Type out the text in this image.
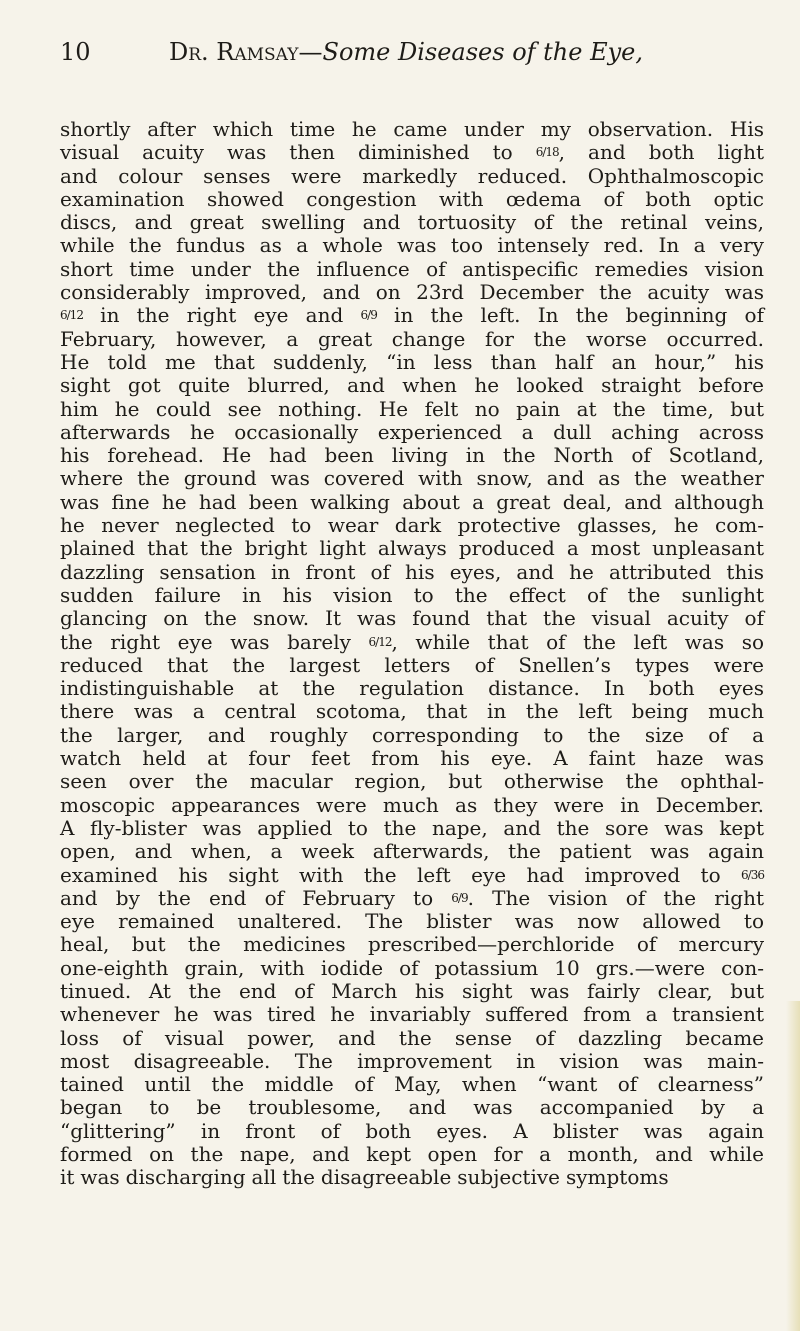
10	Dr. Ramsay—Some Diseases of the Eye,
shortly after which time he came under my observation. His
visual acuity was then diminished to 6/18, and both light
and colour senses were markedly reduced. Ophthalmoscopic
examination showed congestion with œdema of both optic
discs, and great swelling and tortuosity of the retinal veins,
while the fundus as a whole was too intensely red. In a very
short time under the influence of antispecific remedies vision
considerably improved, and on 23rd December the acuity was
6/12 in the right eye and 6/9 in the left. In the beginning of
February, however, a great change for the worse occurred.
He told me that suddenly, “in less than half an hour,” his
sight got quite blurred, and when he looked straight before
him he could see nothing. He felt no pain at the time, but
afterwards he occasionally experienced a dull aching across
his forehead. He had been living in the North of Scotland,
where the ground was covered with snow, and as the weather
was fine he had been walking about a great deal, and although
he never neglected to wear dark protective glasses, he com-
plained that the bright light always produced a most unpleasant
dazzling sensation in front of his eyes, and he attributed this
sudden failure in his vision to the effect of the sunlight
glancing on the snow. It was found that the visual acuity of
the right eye was barely 6/12, while that of the left was so
reduced that the largest letters of Snellen’s types were
indistinguishable at the regulation distance. In both eyes
there was a central scotoma, that in the left being much
the larger, and roughly corresponding to the size of a
watch held at four feet from his eye. A faint haze was
seen over the macular region, but otherwise the ophthal-
moscopic appearances were much as they were in December.
A fly-blister was applied to the nape, and the sore was kept
open, and when, a week afterwards, the patient was again
examined his sight with the left eye had improved to 6/36
and by the end of February to 6/9. The vision of the right
eye remained unaltered. The blister was now allowed to
heal, but the medicines prescribed—perchloride of mercury
one-eighth grain, with iodide of potassium 10 grs.—were con-
tinued. At the end of March his sight was fairly clear, but
whenever he was tired he invariably suffered from a transient
loss of visual power, and the sense of dazzling became
most disagreeable. The improvement in vision was main-
tained until the middle of May, when “want of clearness”
began to be troublesome, and was accompanied by a
“glittering” in front of both eyes. A blister was again
formed on the nape, and kept open for a month, and while
it was discharging all the disagreeable subjective symptoms
